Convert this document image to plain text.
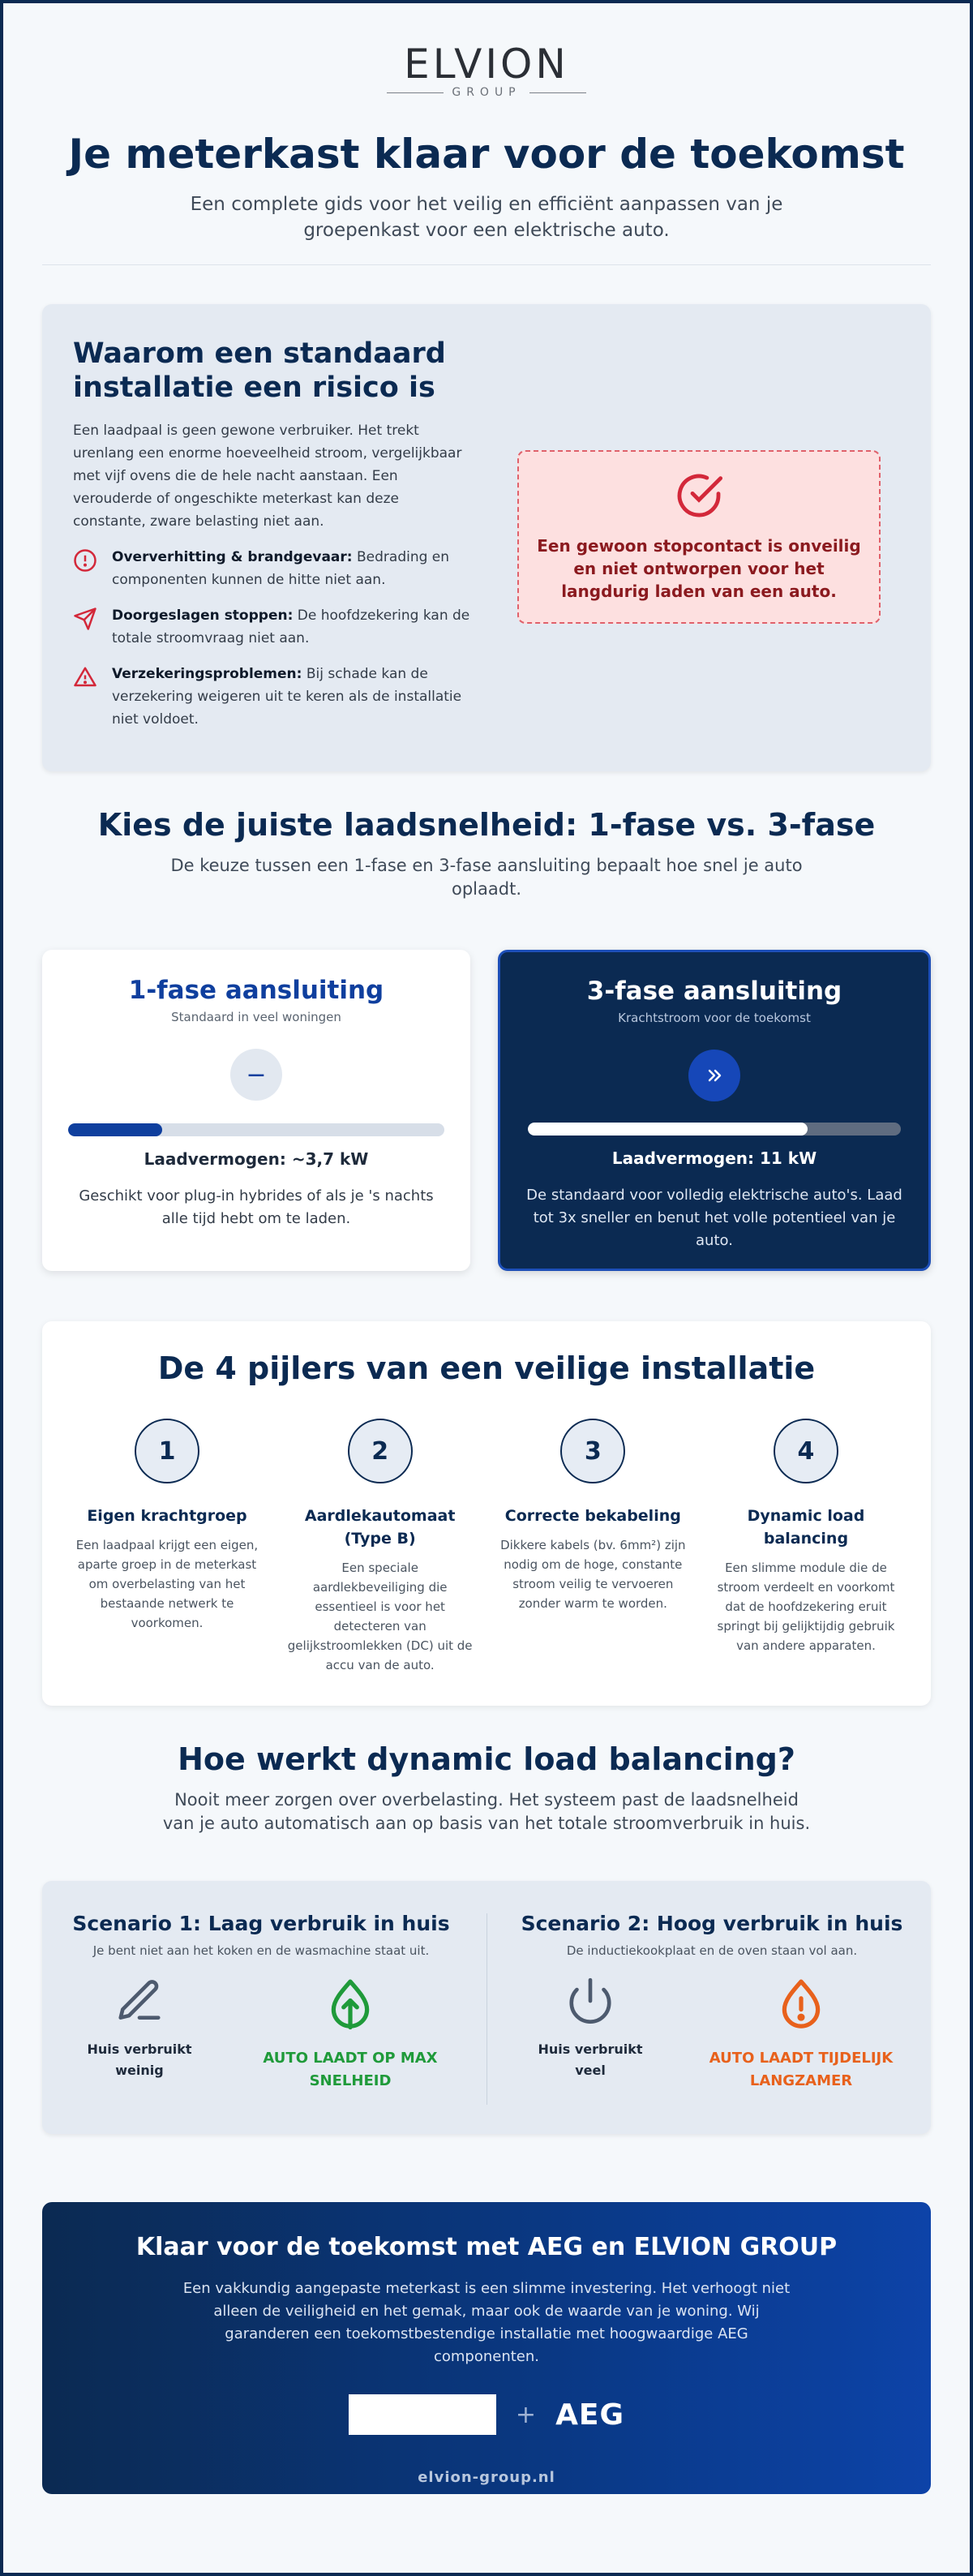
ELVION
GROUP
Je meterkast klaar voor de toekomst

Een complete gids voor het veilig en efficiënt aanpassen van je groepenkast voor een elektrische auto.

Waarom een standaard installatie een risico is

Een laadpaal is geen gewone verbruiker. Het trekt urenlang een enorme hoeveelheid stroom, vergelijkbaar met vijf ovens die de hele nacht aanstaan. Een verouderde of ongeschikte meterkast kan deze constante, zware belasting niet aan.

Oververhitting & brandgevaar: Bedrading en componenten kunnen de hitte niet aan.
Doorgeslagen stoppen: De hoofdzekering kan de totale stroomvraag niet aan.
Verzekeringsproblemen: Bij schade kan de verzekering weigeren uit te keren als de installatie niet voldoet.
Een gewoon stopcontact is onveilig en niet ontworpen voor het langdurig laden van een auto.
Kies de juiste laadsnelheid: 1-fase vs. 3-fase

De keuze tussen een 1-fase en 3-fase aansluiting bepaalt hoe snel je auto oplaadt.

1-fase aansluiting
Standaard in veel woningen
−
Laadvermogen: ~3,7 kW

Geschikt voor plug-in hybrides of als je 's nachts alle tijd hebt om te laden.

3-fase aansluiting
Krachtstroom voor de toekomst
Laadvermogen: 11 kW

De standaard voor volledig elektrische auto's. Laad tot 3x sneller en benut het volle potentieel van je auto.

De 4 pijlers van een veilige installatie
1
Eigen krachtgroep

Een laadpaal krijgt een eigen, aparte groep in de meterkast om overbelasting van het bestaande netwerk te voorkomen.

2
Aardlekautomaat (Type B)

Een speciale aardlekbeveiliging die essentieel is voor het detecteren van gelijkstroomlekken (DC) uit de accu van de auto.

3
Correcte bekabeling

Dikkere kabels (bv. 6mm²) zijn nodig om de hoge, constante stroom veilig te vervoeren zonder warm te worden.

4
Dynamic load balancing

Een slimme module die de stroom verdeelt en voorkomt dat de hoofdzekering eruit springt bij gelijktijdig gebruik van andere apparaten.

Hoe werkt dynamic load balancing?

Nooit meer zorgen over overbelasting. Het systeem past de laadsnelheid van je auto automatisch aan op basis van het totale stroomverbruik in huis.

Scenario 1: Laag verbruik in huis
Je bent niet aan het koken en de wasmachine staat uit.
Huis verbruikt weinig
AUTO LAADT OP MAX SNELHEID
Scenario 2: Hoog verbruik in huis
De inductiekookplaat en de oven staan vol aan.
Huis verbruikt veel
AUTO LAADT TIJDELIJK LANGZAMER
Klaar voor de toekomst met AEG en ELVION GROUP

Een vakkundig aangepaste meterkast is een slimme investering. Het verhoogt niet alleen de veiligheid en het gemak, maar ook de waarde van je woning. Wij garanderen een toekomstbestendige installatie met hoogwaardige AEG componenten.

+ AEG
elvion-group.nl
